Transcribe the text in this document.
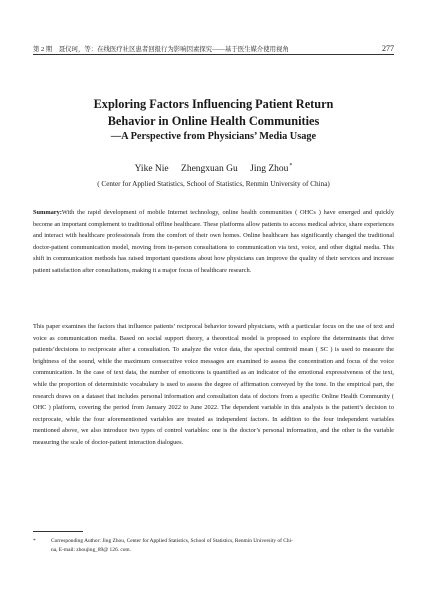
第 2 期 聂仪珂，等：在线医疗社区患者回报行为影响因素探究——基于医生媒介使用视角	277
Exploring Factors Influencing Patient Return
Behavior in Online Health Communities
—A Perspective from Physicians’ Media Usage
Yike Nie Zhengxuan Gu Jing Zhou*
( Center for Applied Statistics, School of Statistics, Renmin University of China)

Summary:With the rapid development of mobile Internet technology, online health communities ( OHCs ) have emerged and quickly become an important complement to traditional offline healthcare. These platforms allow patients to access medical advice, share experiences and interact with healthcare professionals from the comfort of their own homes. Online healthcare has significantly changed the traditional doctor-patient communication model, moving from in-person consultations to communication via text, voice, and other digital media. This shift in communication methods has raised important questions about how physicians can improve the quality of their services and increase patient satisfaction after consultations, making it a major focus of healthcare research.

This paper examines the factors that influence patients’ reciprocal behavior toward physicians, with a particular focus on the use of text and voice as communication media. Based on social support theory, a theoretical model is proposed to explore the determinants that drive patients’decisions to reciprocate after a consultation. To analyze the voice data, the spectral centroid mean ( SC ) is used to measure the brightness of the sound, while the maximum consecutive voice messages are examined to assess the concentration and focus of the voice communication. In the case of text data, the number of emoticons is quantified as an indicator of the emotional expressiveness of the text, while the proportion of deterministic vocabulary is used to assess the degree of affirmation conveyed by the tone. In the empirical part, the research draws on a dataset that includes personal information and consultation data of doctors from a specific Online Health Community ( OHC ) platform, covering the period from January 2022 to June 2022. The dependent variable in this analysis is the patient’s decision to reciprocate, while the four aforementioned variables are treated as independent factors. In addition to the four independent variables mentioned above, we also introduce two types of control variables: one is the doctor’s personal information, and the other is the variable measuring the scale of doctor-patient interaction dialogues.

*	Corresponding Author: Jing Zhou, Center for Applied Statistics, School of Statistics, Renmin University of Chi-
na, E-mail: zhoujing_89@ 126. com.
